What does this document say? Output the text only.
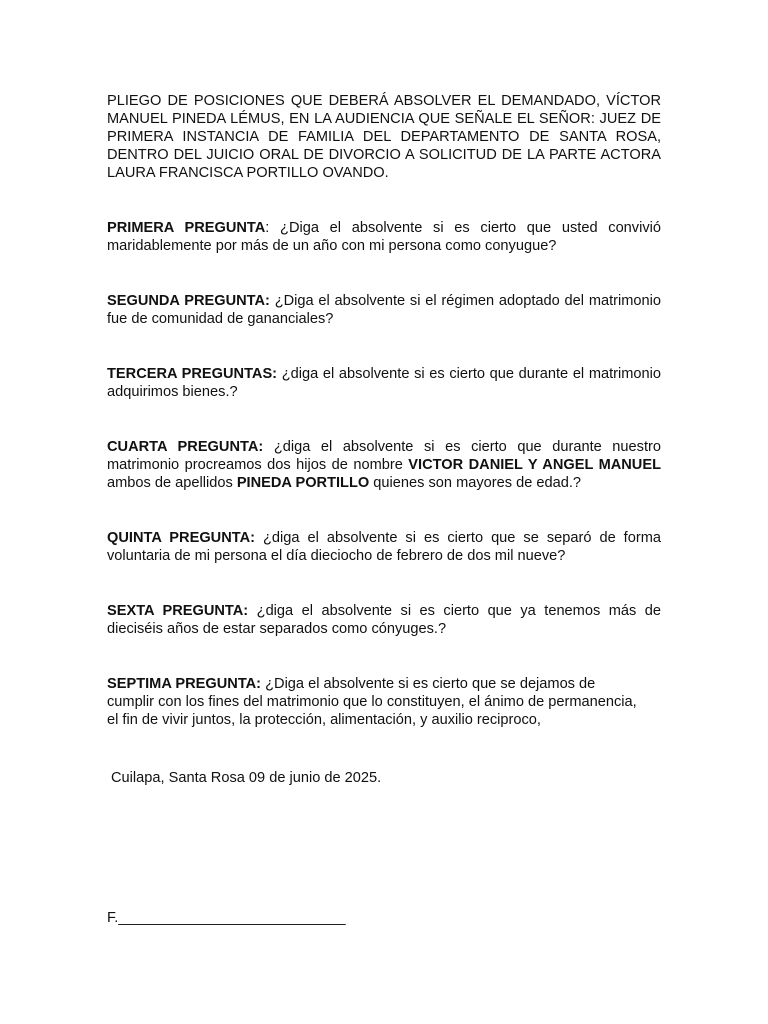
PLIEGO DE POSICIONES QUE DEBERÁ ABSOLVER EL DEMANDADO, VÍCTOR MANUEL PINEDA LÉMUS, EN LA AUDIENCIA QUE SEÑALE EL SEÑOR: JUEZ DE PRIMERA INSTANCIA DE FAMILIA DEL DEPARTAMENTO DE SANTA ROSA, DENTRO DEL JUICIO ORAL DE DIVORCIO A SOLICITUD DE LA PARTE ACTORA LAURA FRANCISCA PORTILLO OVANDO.

PRIMERA PREGUNTA: ¿Diga el absolvente si es cierto que usted convivió maridablemente por más de un año con mi persona como conyugue?

SEGUNDA PREGUNTA: ¿Diga el absolvente si el régimen adoptado del matrimonio fue de comunidad de gananciales?

TERCERA PREGUNTAS: ¿diga el absolvente si es cierto que durante el matrimonio adquirimos bienes.?

CUARTA PREGUNTA: ¿diga el absolvente si es cierto que durante nuestro matrimonio procreamos dos hijos de nombre VICTOR DANIEL Y ANGEL MANUEL ambos de apellidos PINEDA PORTILLO quienes son mayores de edad.?

QUINTA PREGUNTA: ¿diga el absolvente si es cierto que se separó de forma voluntaria de mi persona el día dieciocho de febrero de dos mil nueve?

SEXTA PREGUNTA: ¿diga el absolvente si es cierto que ya tenemos más de dieciséis años de estar separados como cónyuges.?

SEPTIMA PREGUNTA: ¿Diga el absolvente si es cierto que se dejamos de
cumplir con los fines del matrimonio que lo constituyen, el ánimo de permanencia,
el fin de vivir juntos, la protección, alimentación, y auxilio reciproco,

Cuilapa, Santa Rosa 09 de junio de 2025.

F.____________________________
